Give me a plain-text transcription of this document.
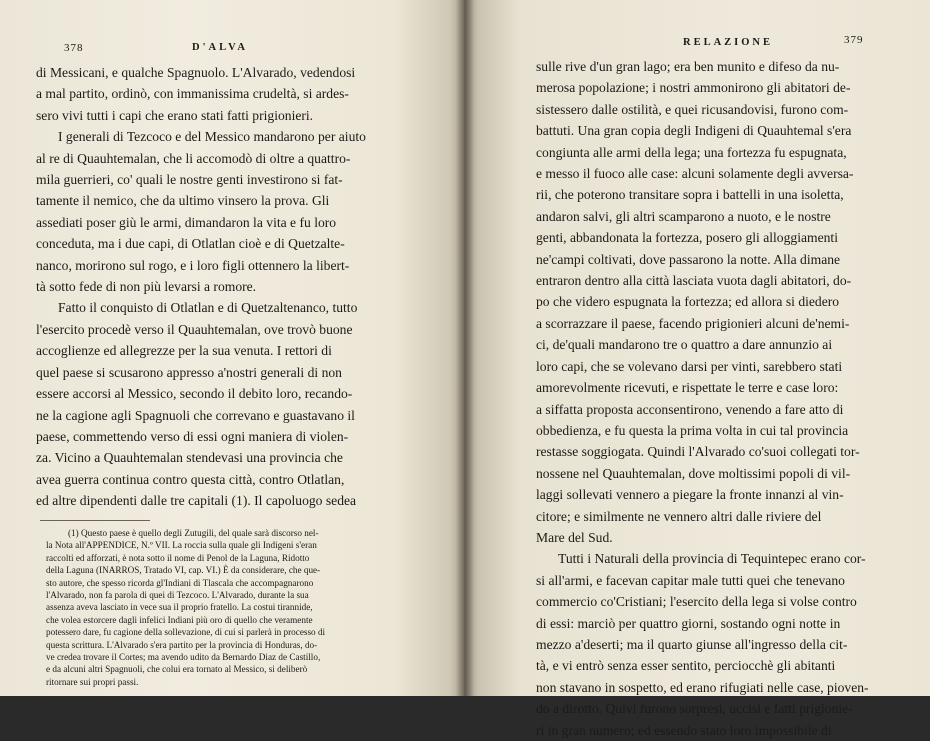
378	D'ALVA
di Messicani, e qualche Spagnuolo. L'Alvarado, vedendosi
a mal partito, ordinò, con immanissima crudeltà, si ardes-
sero vivi tutti i capi che erano stati fatti prigionieri.
I generali di Tezcoco e del Messico mandarono per aiuto
al re di Quauhtemalan, che li accomodò di oltre a quattro-
mila guerrieri, co' quali le nostre genti investirono si fat-
tamente il nemico, che da ultimo vinsero la prova. Gli
assediati poser giù le armi, dimandaron la vita e fu loro
conceduta, ma i due capi, di Otlatlan cioè e di Quetzalte-
nanco, morirono sul rogo, e i loro figli ottennero la libert-
tà sotto fede di non più levarsi a romore.
Fatto il conquisto di Otlatlan e di Quetzaltenanco, tutto
l'esercito procedè verso il Quauhtemalan, ove trovò buone
accoglienze ed allegrezze per la sua venuta. I rettori di
quel paese si scusarono appresso a'nostri generali di non
essere accorsi al Messico, secondo il debito loro, recando-
ne la cagione agli Spagnuoli che correvano e guastavano il
paese, commettendo verso di essi ogni maniera di violen-
za. Vicino a Quauhtemalan stendevasi una provincia che
avea guerra continua contro questa città, contro Otlatlan,
ed altre dipendenti dalle tre capitali (1). Il capoluogo sedea
(1) Questo paese è quello degli Zutugili, del quale sarà discorso nel-
la Nota all'APPENDICE, N.º VII. La roccia sulla quale gli Indigeni s'eran
raccolti ed afforzati, è nota sotto il nome di Penol de la Laguna, Ridotto
della Laguna (INARROS, Tratado VI, cap. VI.) È da considerare, che que-
sto autore, che spesso ricorda gl'Indiani di Tlascala che accompagnarono
l'Alvarado, non fa parola di quei di Tezcoco. L'Alvarado, durante la sua
assenza aveva lasciato in vece sua il proprio fratello. La costui tirannide,
che volea estorcere dagli infelici Indiani più oro di quello che veramente
potessero dare, fu cagione della sollevazione, di cui si parlerà in processo di
questa scrittura. L'Alvarado s'era partito per la provincia di Honduras, do-
ve credea trovare il Cortes; ma avendo udito da Bernardo Diaz de Castillo,
e da alcuni altri Spagnuoli, che colui era tornato al Messico, si deliberò
ritornare sui propri passi.
RELAZIONE	379
sulle rive d'un gran lago; era ben munito e difeso da nu-
merosa popolazione; i nostri ammonirono gli abitatori de-
sistessero dalle ostilità, e quei ricusandovisi, furono com-
battuti. Una gran copia degli Indigeni di Quauhtemal s'era
congiunta alle armi della lega; una fortezza fu espugnata,
e messo il fuoco alle case: alcuni solamente degli avversa-
rii, che poterono transitare sopra i battelli in una isoletta,
andaron salvi, gli altri scamparono a nuoto, e le nostre
genti, abbandonata la fortezza, posero gli alloggiamenti
ne'campi coltivati, dove passarono la notte. Alla dimane
entraron dentro alla città lasciata vuota dagli abitatori, do-
po che videro espugnata la fortezza; ed allora si diedero
a scorrazzare il paese, facendo prigionieri alcuni de'nemi-
ci, de'quali mandarono tre o quattro a dare annunzio ai
loro capi, che se volevano darsi per vinti, sarebbero stati
amorevolmente ricevuti, e rispettate le terre e case loro:
a siffatta proposta acconsentirono, venendo a fare atto di
obbedienza, e fu questa la prima volta in cui tal provincia
restasse soggiogata. Quindi l'Alvarado co'suoi collegati tor-
nossene nel Quauhtemalan, dove moltissimi popoli di vil-
laggi sollevati vennero a piegare la fronte innanzi al vin-
citore; e similmente ne vennero altri dalle riviere del
Mare del Sud.
Tutti i Naturali della provincia di Tequintepec erano cor-
si all'armi, e facevan capitar male tutti quei che tenevano
commercio co'Cristiani; l'esercito della lega si volse contro
di essi: marciò per quattro giorni, sostando ogni notte in
mezzo a'deserti; ma il quarto giunse all'ingresso della cit-
tà, e vi entrò senza esser sentito, perciocchè gli abitanti
non stavano in sospetto, ed erano rifugiati nelle case, pioven-
do a dirotto. Quivi furono sorpresi, uccisi e fatti prigionie-
ri in gran numero; ed essendo stato loro impossibile di
